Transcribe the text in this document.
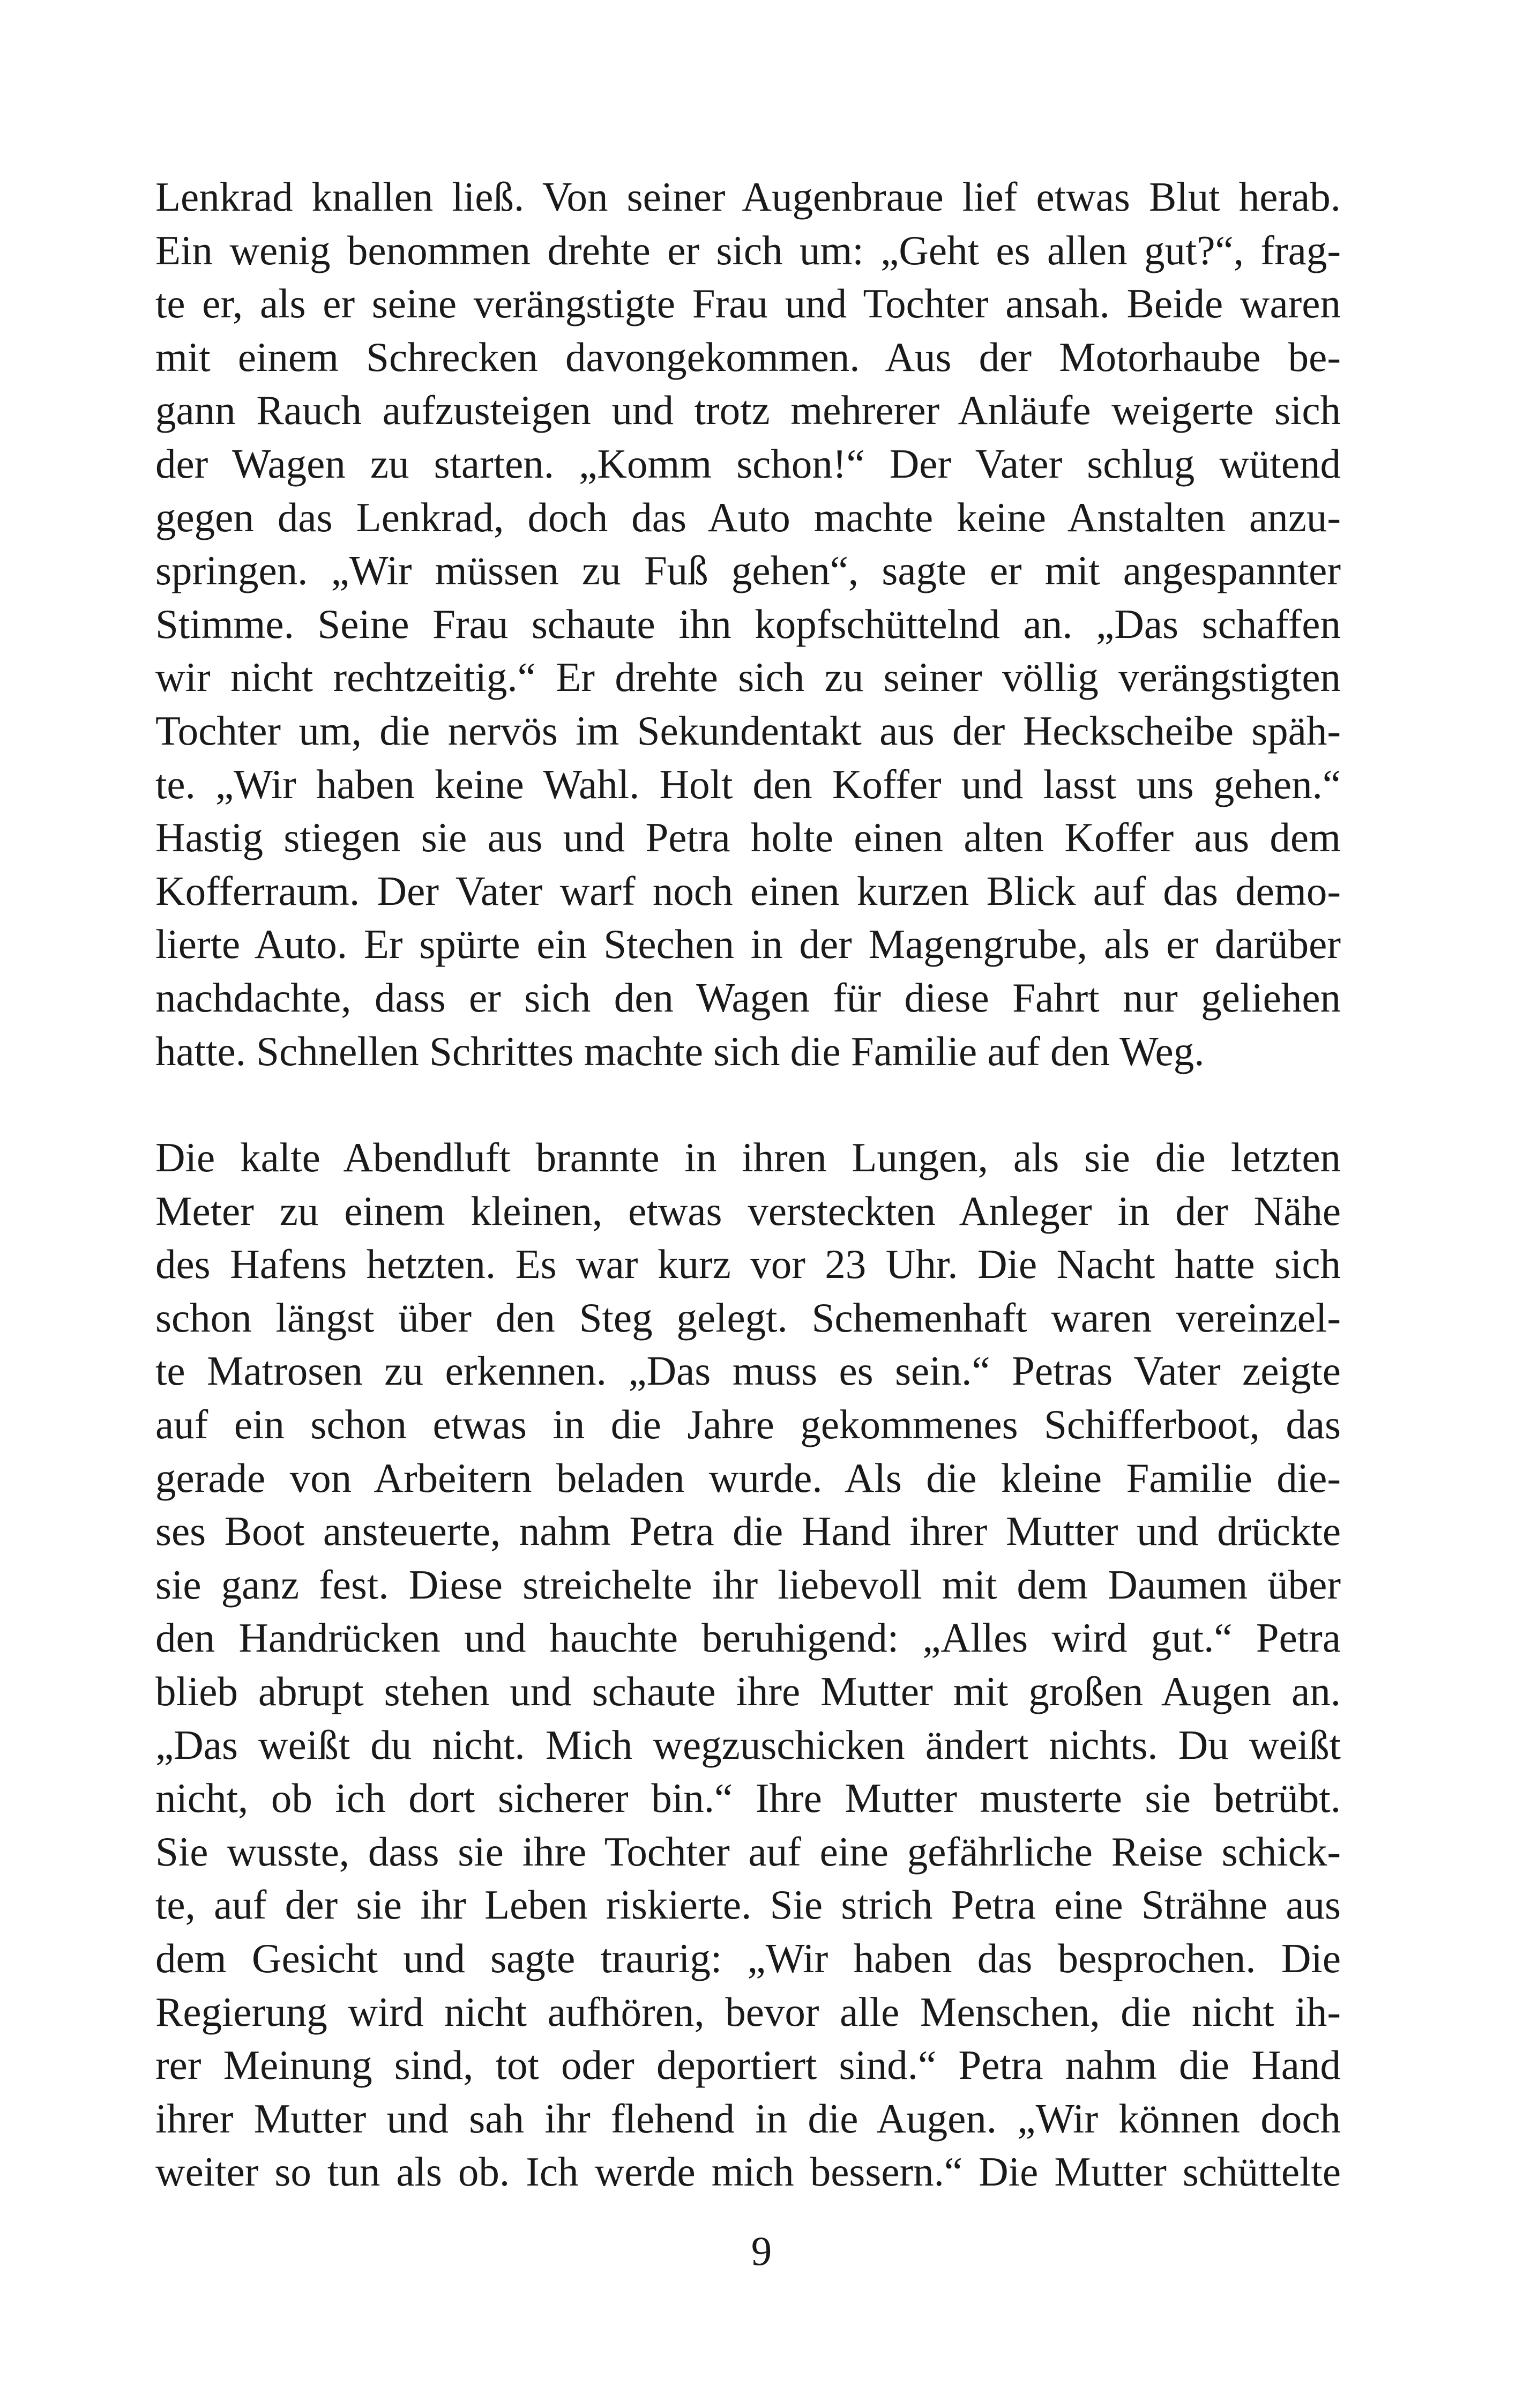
Lenkrad knallen ließ. Von seiner Augenbraue lief etwas Blut herab.
Ein wenig benommen drehte er sich um: „Geht es allen gut?“, frag-
te er, als er seine verängstigte Frau und Tochter ansah. Beide waren
mit einem Schrecken davongekommen. Aus der Motorhaube be-
gann Rauch aufzusteigen und trotz mehrerer Anläufe weigerte sich
der Wagen zu starten. „Komm schon!“ Der Vater schlug wütend
gegen das Lenkrad, doch das Auto machte keine Anstalten anzu-
springen. „Wir müssen zu Fuß gehen“, sagte er mit angespannter
Stimme. Seine Frau schaute ihn kopfschüttelnd an. „Das schaffen
wir nicht rechtzeitig.“ Er drehte sich zu seiner völlig verängstigten
Tochter um, die nervös im Sekundentakt aus der Heckscheibe späh-
te. „Wir haben keine Wahl. Holt den Koffer und lasst uns gehen.“
Hastig stiegen sie aus und Petra holte einen alten Koffer aus dem
Kofferraum. Der Vater warf noch einen kurzen Blick auf das demo-
lierte Auto. Er spürte ein Stechen in der Magengrube, als er darüber
nachdachte, dass er sich den Wagen für diese Fahrt nur geliehen
hatte. Schnellen Schrittes machte sich die Familie auf den Weg.

Die kalte Abendluft brannte in ihren Lungen, als sie die letzten
Meter zu einem kleinen, etwas versteckten Anleger in der Nähe
des Hafens hetzten. Es war kurz vor 23 Uhr. Die Nacht hatte sich
schon längst über den Steg gelegt. Schemenhaft waren vereinzel-
te Matrosen zu erkennen. „Das muss es sein.“ Petras Vater zeigte
auf ein schon etwas in die Jahre gekommenes Schifferboot, das
gerade von Arbeitern beladen wurde. Als die kleine Familie die-
ses Boot ansteuerte, nahm Petra die Hand ihrer Mutter und drückte
sie ganz fest. Diese streichelte ihr liebevoll mit dem Daumen über
den Handrücken und hauchte beruhigend: „Alles wird gut.“ Petra
blieb abrupt stehen und schaute ihre Mutter mit großen Augen an.
„Das weißt du nicht. Mich wegzuschicken ändert nichts. Du weißt
nicht, ob ich dort sicherer bin.“ Ihre Mutter musterte sie betrübt.
Sie wusste, dass sie ihre Tochter auf eine gefährliche Reise schick-
te, auf der sie ihr Leben riskierte. Sie strich Petra eine Strähne aus
dem Gesicht und sagte traurig: „Wir haben das besprochen. Die
Regierung wird nicht aufhören, bevor alle Menschen, die nicht ih-
rer Meinung sind, tot oder deportiert sind.“ Petra nahm die Hand
ihrer Mutter und sah ihr flehend in die Augen. „Wir können doch
weiter so tun als ob. Ich werde mich bessern.“ Die Mutter schüttelte

9
